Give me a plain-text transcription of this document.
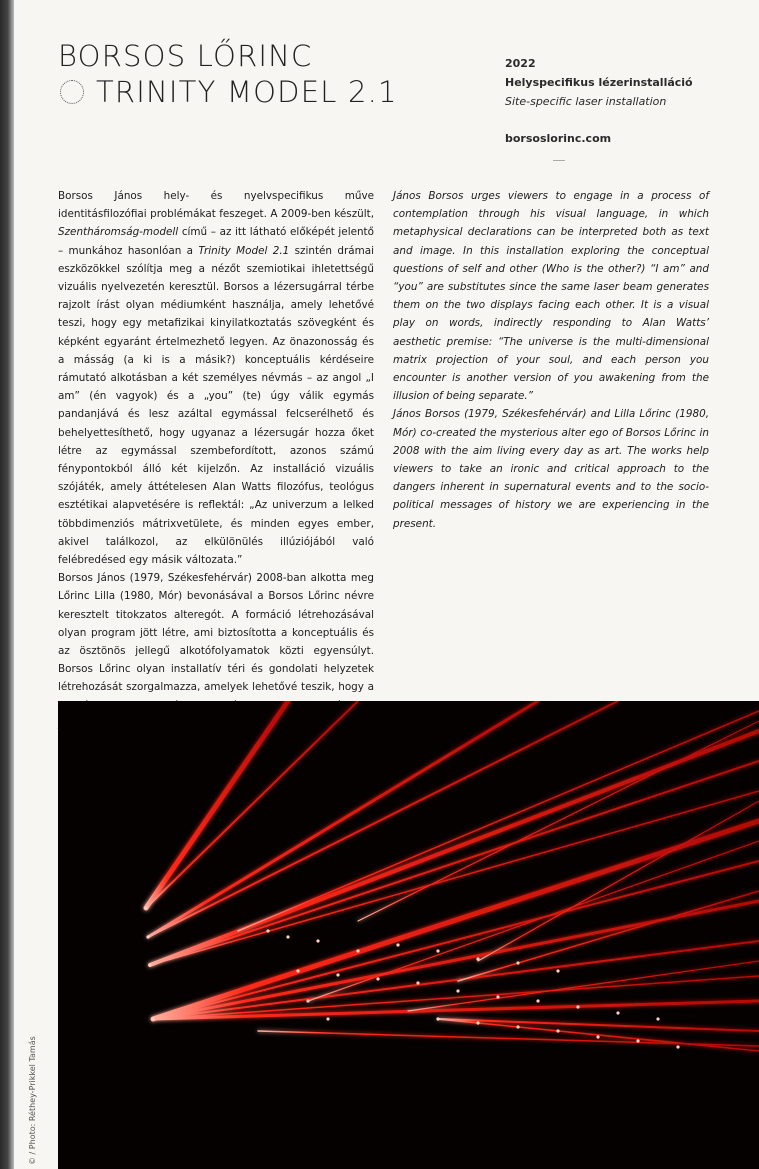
BORSOS LŐRINC
TRINITY MODEL 2.1
2022
Helyspecifikus lézerinstalláció
Site-specific laser installation
borsoslorinc.com

Borsos János hely- és nyelvspecifikus műve identitásfilozófiai problémákat feszeget. A 2009-ben készült, Szentháromság-modell című – az itt látható előképét jelentő – munkához hasonlóan a Trinity Model 2.1 szintén drámai eszközökkel szólítja meg a nézőt szemiotikai ihletettségű vizuális nyelvezetén keresztül. Borsos a lézersugárral térbe rajzolt írást olyan médiumként használja, amely lehetővé teszi, hogy egy metafizikai kinyilatkoztatás szövegként és képként egyaránt értelmezhető legyen. Az önazonosság és a másság (a ki is a másik?) konceptuális kérdéseire rámutató alkotásban a két személyes névmás – az angol „I am” (én vagyok) és a „you” (te) úgy válik egymás pandanjává és lesz azáltal egymással felcserélhető és behelyettesíthető, hogy ugyanaz a lézersugár hozza őket létre az egymással szembefordított, azonos számú fénypontokból álló két kijelzőn. Az installáció vizuális szójáték, amely áttételesen Alan Watts filozófus, teológus esztétikai alapvetésére is reflektál: „Az univerzum a lelked többdimenziós mátrixvetülete, és minden egyes ember, akivel találkozol, az elkülönülés illúziójából való felébredésed egy másik változata.”

Borsos János (1979, Székesfehérvár) 2008-ban alkotta meg Lőrinc Lilla (1980, Mór) bevonásával a Borsos Lőrinc névre keresztelt titokzatos alteregót. A formáció létrehozásával olyan program jött létre, ami biztosította a konceptuális és az ösztönös jellegű alkotófolyamatok közti egyensúlyt. Borsos Lőrinc olyan installatív téri és gondolati helyzetek létrehozását szorgalmazza, amelyek lehetővé teszik, hogy a

János Borsos urges viewers to engage in a process of contemplation through his visual language, in which metaphysical declarations can be interpreted both as text and image. In this installation exploring the conceptual questions of self and other (Who is the other?) “I am” and “you” are substitutes since the same laser beam generates them on the two displays facing each other. It is a visual play on words, indirectly responding to Alan Watts’ aesthetic premise: “The universe is the multi-dimensional matrix projection of your soul, and each person you encounter is another version of you awakening from the illusion of being separate.”

János Borsos (1979, Székesfehérvár) and Lilla Lőrinc (1980, Mór) co-created the mysterious alter ego of Borsos Lőrinc in 2008 with the aim living every day as art. The works help viewers to take an ironic and critical approach to the dangers inherent in supernatural events and to the socio-political messages of history we are experiencing in the present.

© / Photo: Réthey-Prikkel Tamás
